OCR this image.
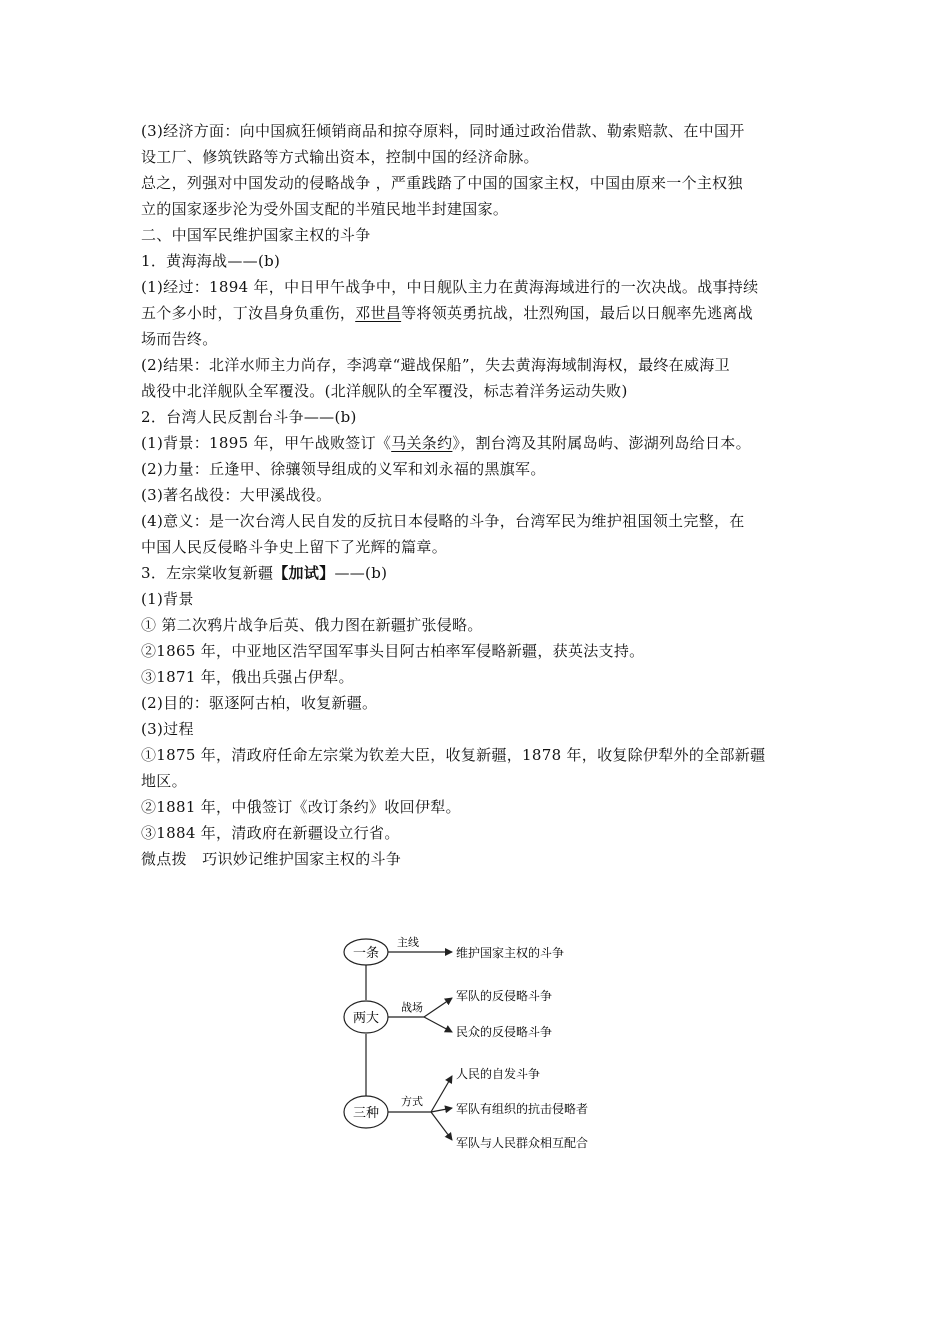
(3)经济方面：向中国疯狂倾销商品和掠夺原料，同时通过政治借款、勒索赔款、在中国开
设工厂、修筑铁路等方式输出资本，控制中国的经济命脉。
总之，列强对中国发动的侵略战争 ，严重践踏了中国的国家主权，中国由原来一个主权独
立的国家逐步沦为受外国支配的半殖民地半封建国家。
二、中国军民维护国家主权的斗争
1．黄海海战——(b)
(1)经过：1894 年，中日甲午战争中，中日舰队主力在黄海海域进行的一次决战。战事持续
五个多小时，丁汝昌身负重伤，邓世昌等将领英勇抗战，壮烈殉国，最后以日舰率先逃离战
场而告终。
(2)结果：北洋水师主力尚存，李鸿章“避战保船”，失去黄海海域制海权，最终在威海卫
战役中北洋舰队全军覆没。(北洋舰队的全军覆没，标志着洋务运动失败)
2．台湾人民反割台斗争——(b)
(1)背景：1895 年，甲午战败签订《马关条约》，割台湾及其附属岛屿、澎湖列岛给日本。
(2)力量：丘逢甲、徐骧领导组成的义军和刘永福的黑旗军。
(3)著名战役：大甲溪战役。
(4)意义：是一次台湾人民自发的反抗日本侵略的斗争，台湾军民为维护祖国领土完整，在
中国人民反侵略斗争史上留下了光辉的篇章。
3．左宗棠收复新疆【加试】——(b)
(1)背景
① 第二次鸦片战争后英、俄力图在新疆扩张侵略。
②1865 年，中亚地区浩罕国军事头目阿古柏率军侵略新疆，获英法支持。
③1871 年，俄出兵强占伊犁。
(2)目的：驱逐阿古柏，收复新疆。
(3)过程
①1875 年，清政府任命左宗棠为钦差大臣，收复新疆，1878 年，收复除伊犁外的全部新疆
地区。
②1881 年，中俄签订《改订条约》收回伊犁。
③1884 年，清政府在新疆设立行省。
微点拨　巧识妙记维护国家主权的斗争
一条
主线
维护国家主权的斗争
两大
战场
军队的反侵略斗争
民众的反侵略斗争
三种
方式
人民的自发斗争
军队有组织的抗击侵略者
军队与人民群众相互配合
